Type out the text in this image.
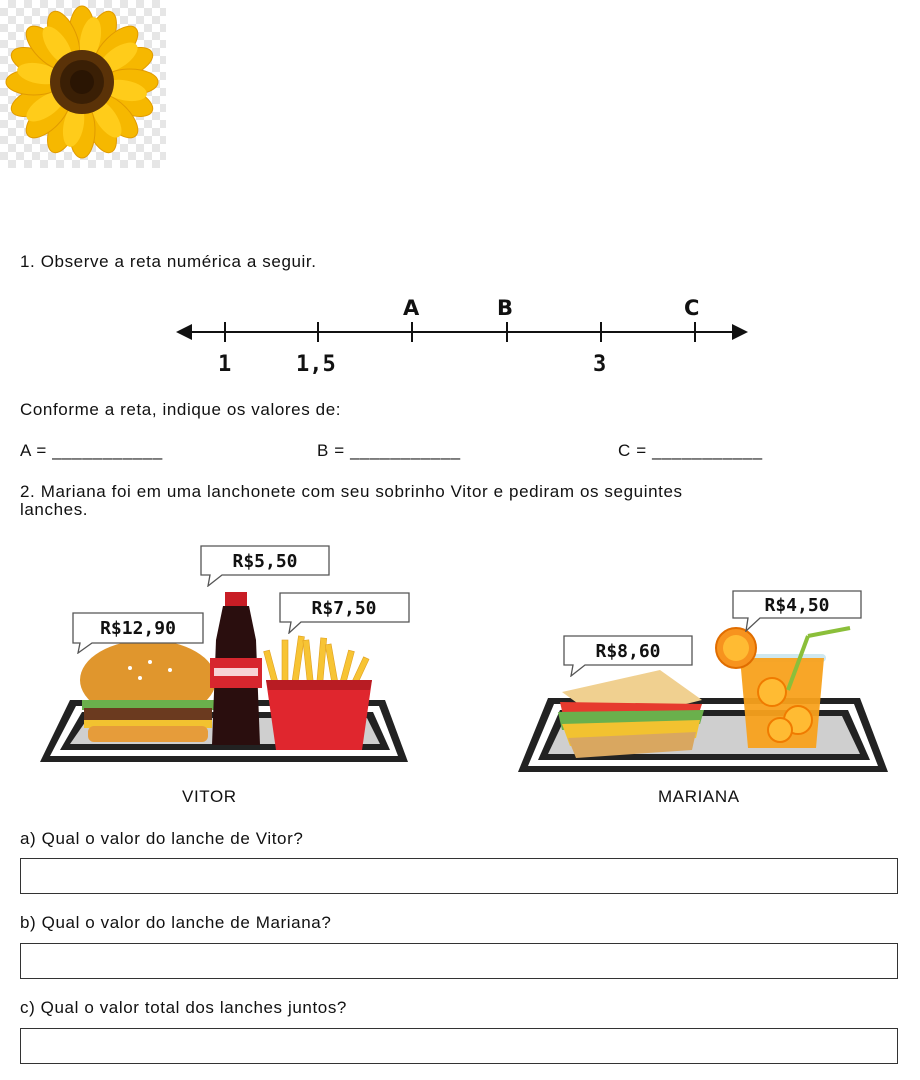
1. Observe a reta numérica a seguir.
A	B	C
1	1,5	3
Conforme a reta, indique os valores de:
A = ___________	B = ___________	C = ___________
2. Mariana foi em uma lanchonete com seu sobrinho Vitor e pediram os seguintes
lanches.
R$12,90
R$5,50
R$7,50
VITOR
R$8,60
R$4,50
MARIANA
a) Qual o valor do lanche de Vitor?
b) Qual o valor do lanche de Mariana?
c) Qual o valor total dos lanches juntos?
